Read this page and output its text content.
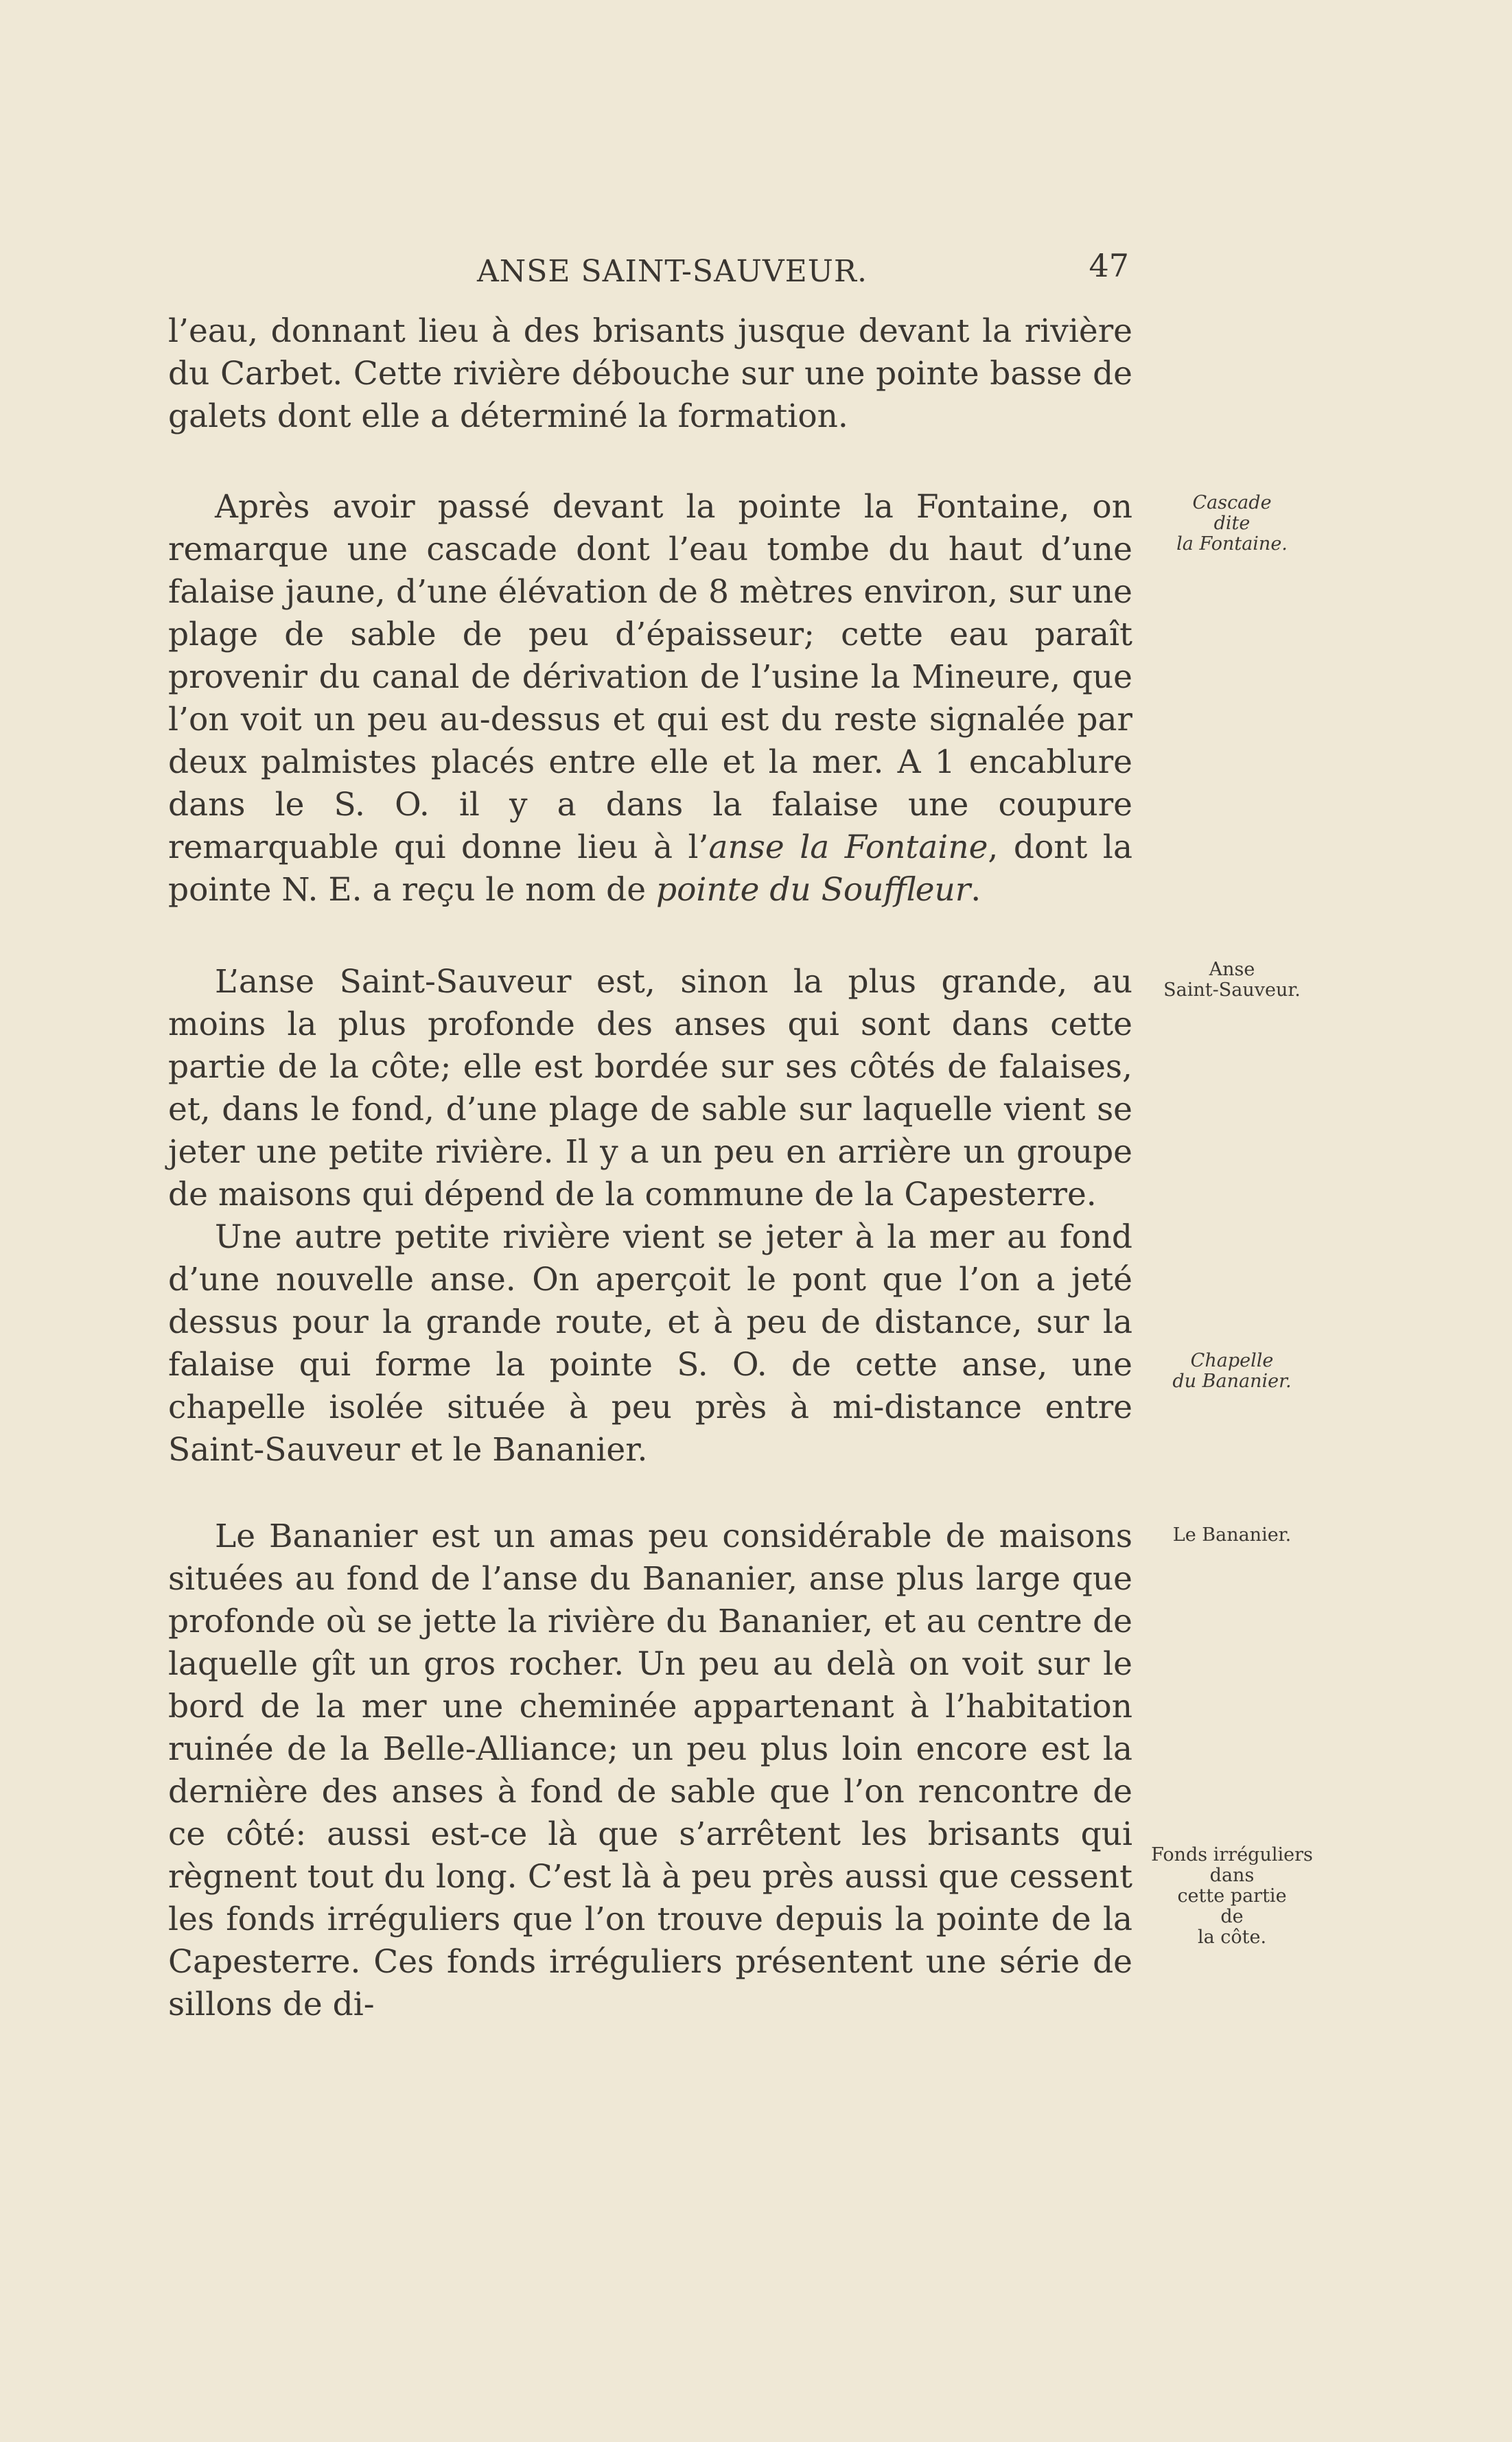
ANSE SAINT-SAUVEUR.	47

l’eau, donnant lieu à des brisants jusque devant la rivière du Carbet. Cette rivière débouche sur une pointe basse de galets dont elle a déterminé la formation.

Après avoir passé devant la pointe la Fontaine, on remarque une cascade dont l’eau tombe du haut d’une falaise jaune, d’une élévation de 8 mètres environ, sur une plage de sable de peu d’épaisseur; cette eau paraît provenir du canal de dérivation de l’usine la Mineure, que l’on voit un peu au-dessus et qui est du reste signalée par deux palmistes placés entre elle et la mer. A 1 encablure dans le S. O. il y a dans la falaise une coupure remarquable qui donne lieu à l’anse la Fontaine, dont la pointe N. E. a reçu le nom de pointe du Souffleur.

L’anse Saint-Sauveur est, sinon la plus grande, au moins la plus profonde des anses qui sont dans cette partie de la côte; elle est bordée sur ses côtés de falaises, et, dans le fond, d’une plage de sable sur laquelle vient se jeter une petite rivière. Il y a un peu en arrière un groupe de maisons qui dépend de la commune de la Capesterre.

Une autre petite rivière vient se jeter à la mer au fond d’une nouvelle anse. On aperçoit le pont que l’on a jeté dessus pour la grande route, et à peu de distance, sur la falaise qui forme la pointe S. O. de cette anse, une chapelle isolée située à peu près à mi-distance entre Saint-Sauveur et le Bananier.

Le Bananier est un amas peu considérable de maisons situées au fond de l’anse du Bananier, anse plus large que profonde où se jette la rivière du Bananier, et au centre de laquelle gît un gros rocher. Un peu au delà on voit sur le bord de la mer une cheminée appartenant à l’habitation ruinée de la Belle-Alliance; un peu plus loin encore est la dernière des anses à fond de sable que l’on rencontre de ce côté: aussi est-ce là que s’arrêtent les brisants qui règnent tout du long. C’est là à peu près aussi que cessent les fonds irréguliers que l’on trouve depuis la pointe de la Capesterre. Ces fonds irréguliers présentent une série de sillons de di-

Cascade
dite
la Fontaine.
Anse
Saint-Sauveur.
Chapelle
du Bananier.
Le Bananier.
Fonds irréguliers
dans
cette partie
de
la côte.
